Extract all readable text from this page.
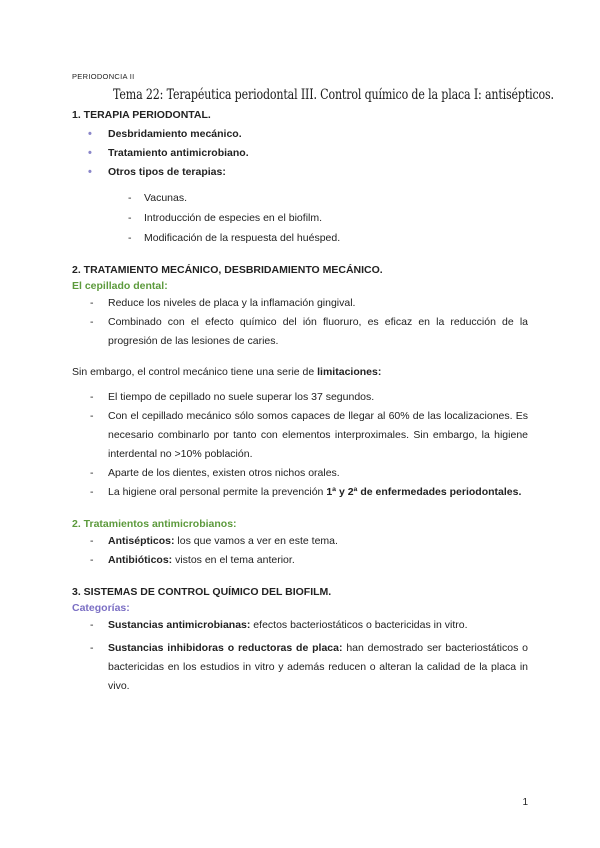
PERIODONCIA II
Tema 22: Terapéutica periodontal III. Control químico de la placa I: antisépticos.
1. TERAPIA PERIODONTAL.
• Desbridamiento mecánico.
• Tratamiento antimicrobiano.
• Otros tipos de terapias:
- Vacunas.
- Introducción de especies en el biofilm.
- Modificación de la respuesta del huésped.
2. TRATAMIENTO MECÁNICO, DESBRIDAMIENTO MECÁNICO.
El cepillado dental:
- Reduce los niveles de placa y la inflamación gingival.
- Combinado con el efecto químico del ión fluoruro, es eficaz en la reducción de la progresión de las lesiones de caries.

Sin embargo, el control mecánico tiene una serie de limitaciones:

- El tiempo de cepillado no suele superar los 37 segundos.
- Con el cepillado mecánico sólo somos capaces de llegar al 60% de las localizaciones. Es necesario combinarlo por tanto con elementos interproximales. Sin embargo, la higiene interdental no >10% población.
- Aparte de los dientes, existen otros nichos orales.
- La higiene oral personal permite la prevención 1ª y 2ª de enfermedades periodontales.
2. Tratamientos antimicrobianos:
- Antisépticos: los que vamos a ver en este tema.
- Antibióticos: vistos en el tema anterior.
3. SISTEMAS DE CONTROL QUÍMICO DEL BIOFILM.
Categorías:
- Sustancias antimicrobianas: efectos bacteriostáticos o bactericidas in vitro.
- Sustancias inhibidoras o reductoras de placa: han demostrado ser bacteriostáticos o bactericidas en los estudios in vitro y además reducen o alteran la calidad de la placa in vivo.
1
